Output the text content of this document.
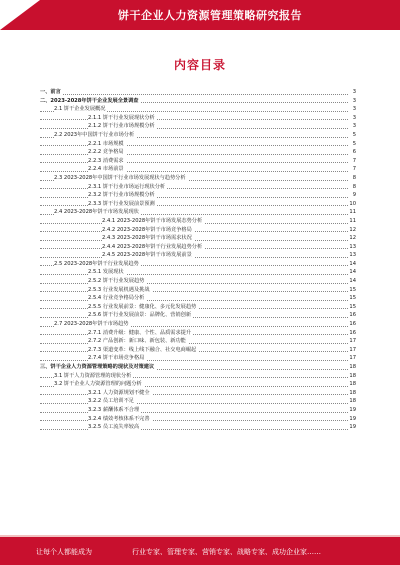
饼干企业人力资源管理策略研究报告
内容目录
一、前言	3
二、2023-2028年饼干企业发展全景调查	3
2.1 饼干企业发展概况	3
2.1.1 饼干行业发展现状分析	3
2.1.2 饼干行业市场规模分析	3
2.2 2023年中国饼干行业市场分析	5
2.2.1 市场规模	5
2.2.2 竞争格局	6
2.2.3 消费需求	7
2.2.4 市场前景	7
2.3 2023-2028年中国饼干行业市场发展现状与趋势分析	8
2.3.1 饼干行业市场运行现状分析	8
2.3.2 饼干行业市场规模分析	9
2.3.3 饼干行业发展前景预测	10
2.4 2023-2028年饼干市场发展现状	11
2.4.1 2023-2028年饼干市场发展态势分析	11
2.4.2 2023-2028年饼干市场竞争格局	12
2.4.3 2023-2028年饼干市场需求状况	12
2.4.4 2023-2028年饼干行业发展趋势分析	13
2.4.5 2023-2028年饼干市场发展前景	13
2.5 2023-2028年饼干行业发展趋势	14
2.5.1 发展现状	14
2.5.2 饼干行业发展趋势	14
2.5.3 行业发展机遇及挑战	15
2.5.4 行业竞争格局分析	15
2.5.5 行业发展前景：健康化、多元化发展趋势	15
2.5.6 饼干行业发展前景：品牌化、营销创新	16
2.7 2023-2028年饼干市场趋势	16
2.7.1 消费升级：健康、个性、品质需求提升	16
2.7.2 产品创新：新口味、新包装、新功能	17
2.7.3 渠道变革：线上线下融合、社交电商崛起	17
2.7.4 饼干市场竞争格局	17
三、饼干企业人力资源管理策略的现状及对策建议	18
3.1 饼干人力资源管理的现状分析	18
3.2 饼干企业人力资源管理的问题分析	18
3.2.1 人力资源规划不健全	18
3.2.2 员工培训不足	18
3.2.3 薪酬体系不合理	19
3.2.4 绩效考核体系不完善	19
3.2.5 员工流失率较高	19
让每个人都能成为	行业专家、管理专家、营销专家、战略专家、成功企业家……
